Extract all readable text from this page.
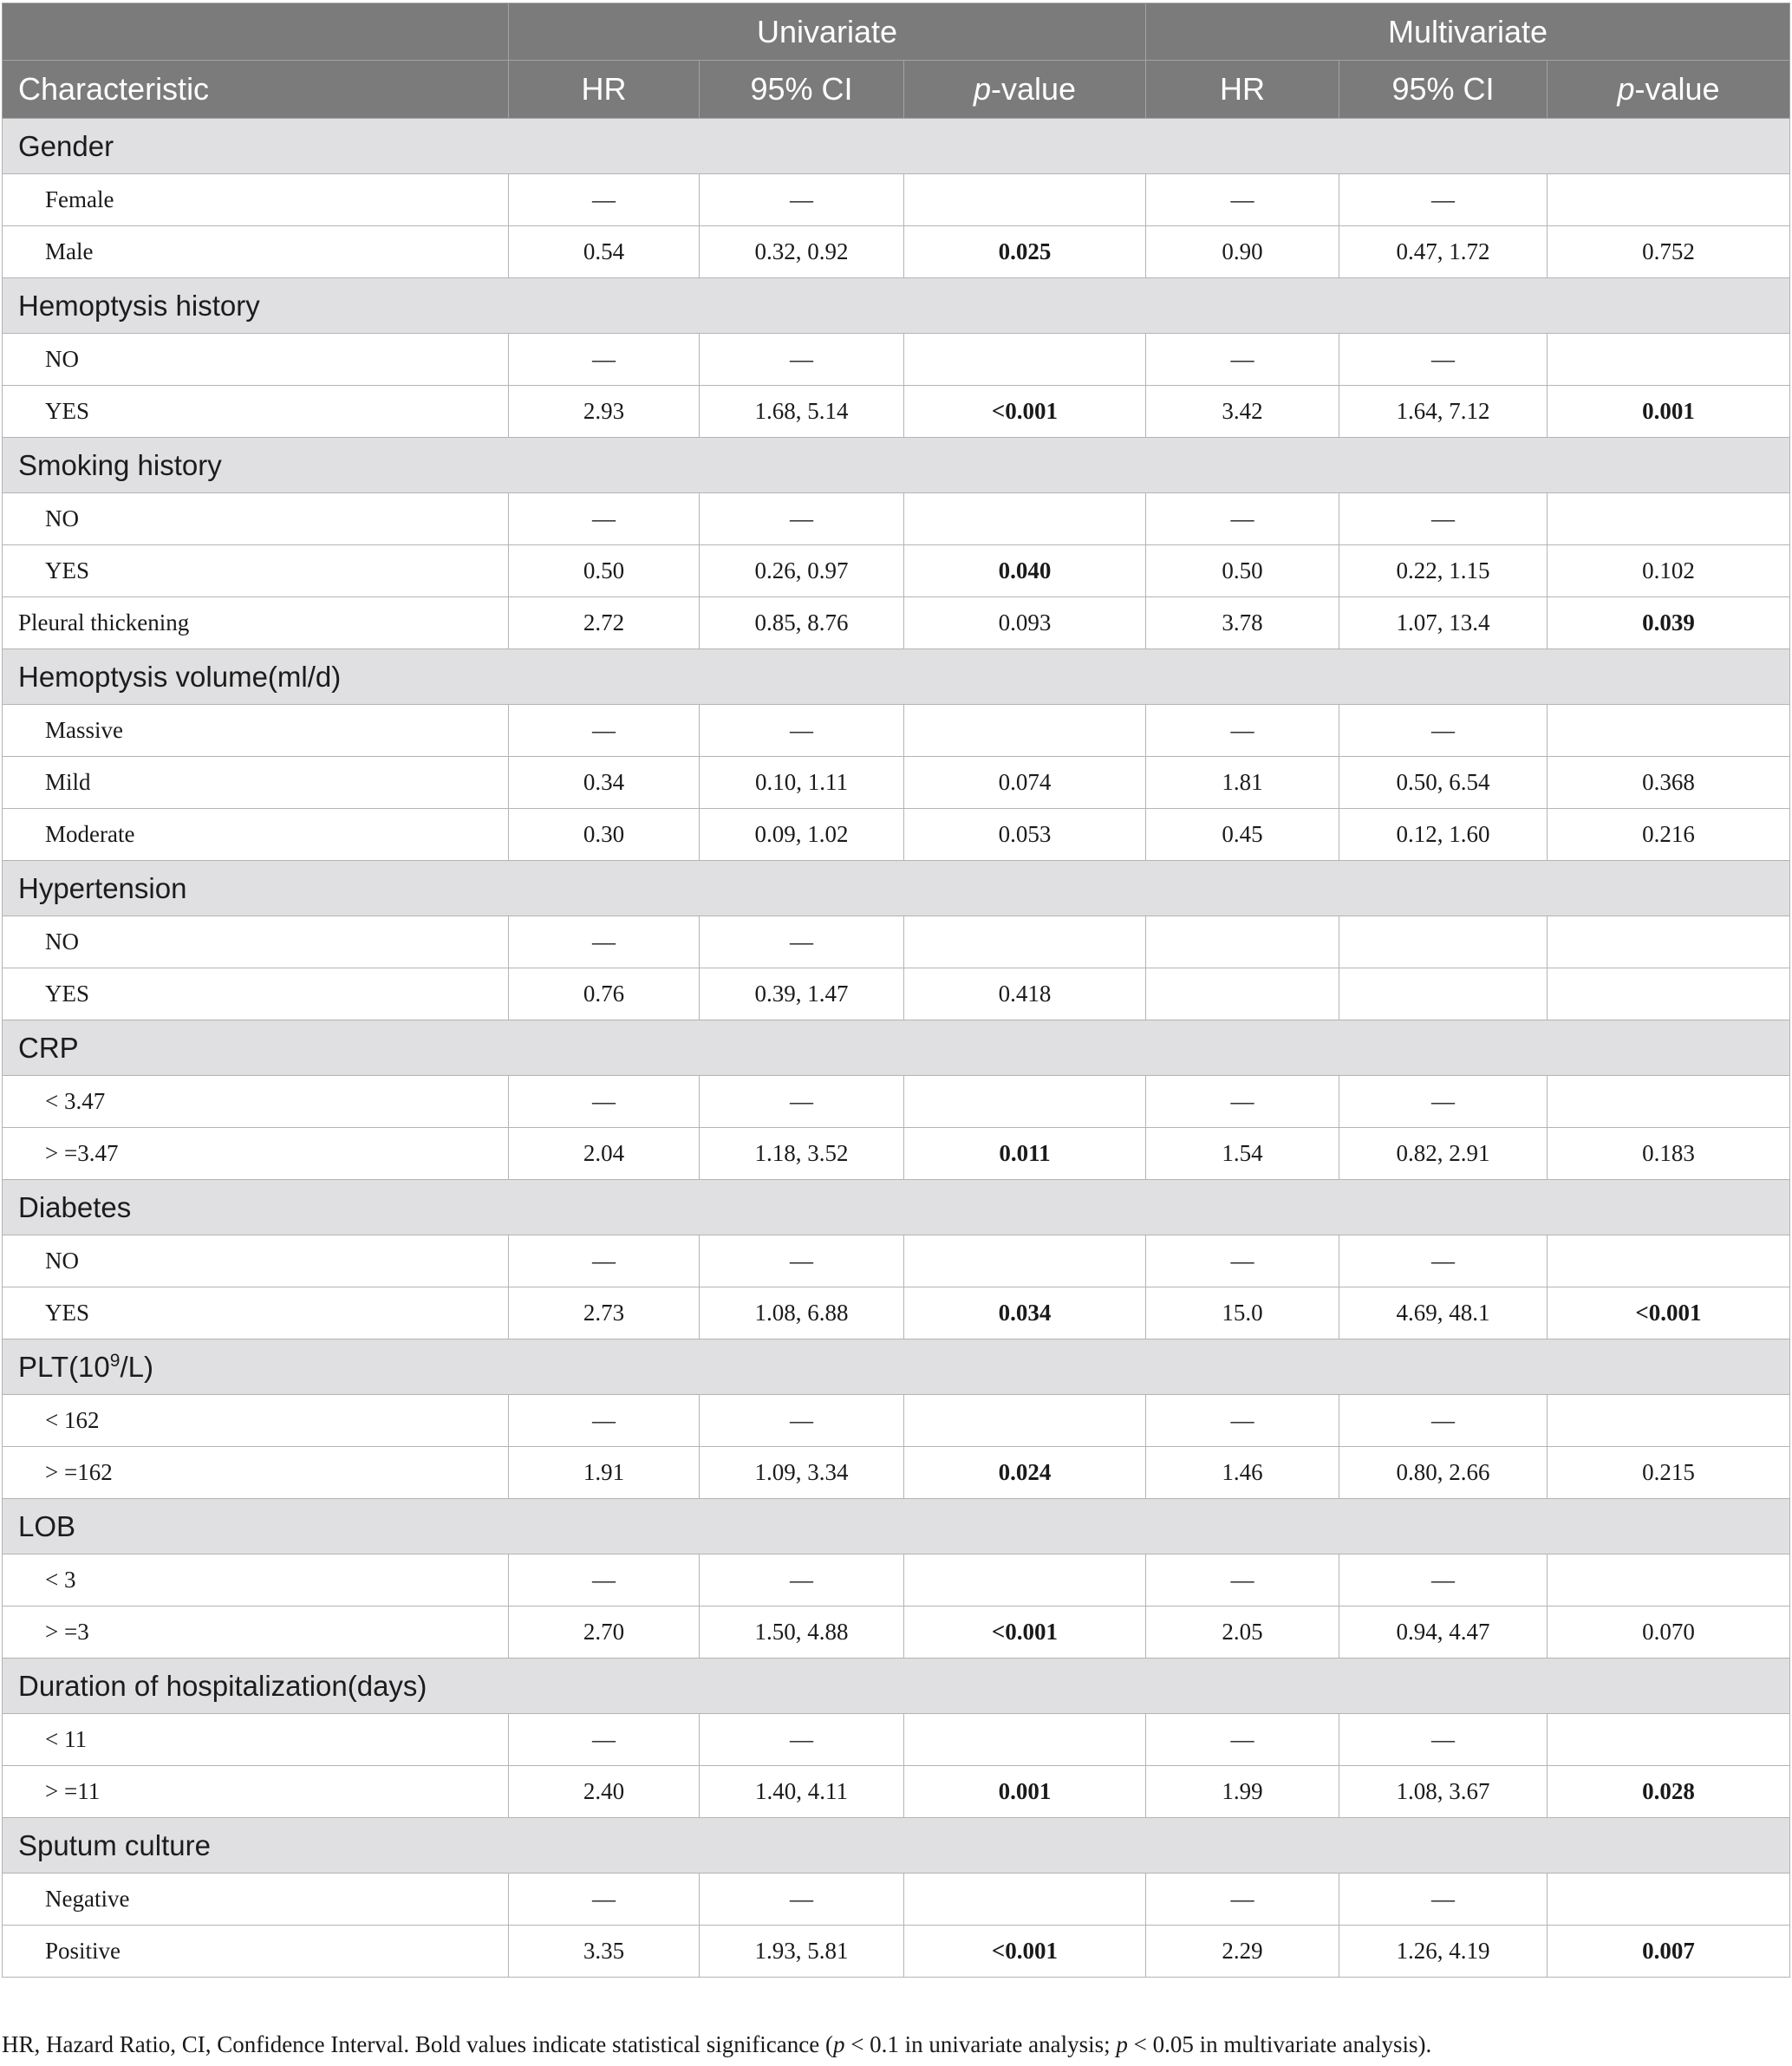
	Univariate			Multivariate		
Characteristic	HR	95% CI	p-value	HR	95% CI	p-value
Gender						
Female	—	—		—	—	
Male	0.54	0.32, 0.92	0.025	0.90	0.47, 1.72	0.752
Hemoptysis history						
NO	—	—		—	—	
YES	2.93	1.68, 5.14	<0.001	3.42	1.64, 7.12	0.001
Smoking history						
NO	—	—		—	—	
YES	0.50	0.26, 0.97	0.040	0.50	0.22, 1.15	0.102
Pleural thickening	2.72	0.85, 8.76	0.093	3.78	1.07, 13.4	0.039
Hemoptysis volume(ml/d)						
Massive	—	—		—	—	
Mild	0.34	0.10, 1.11	0.074	1.81	0.50, 6.54	0.368
Moderate	0.30	0.09, 1.02	0.053	0.45	0.12, 1.60	0.216
Hypertension						
NO	—	—				
YES	0.76	0.39, 1.47	0.418			
CRP						
< 3.47	—	—		—	—	
> =3.47	2.04	1.18, 3.52	0.011	1.54	0.82, 2.91	0.183
Diabetes						
NO	—	—		—	—	
YES	2.73	1.08, 6.88	0.034	15.0	4.69, 48.1	<0.001
$PLT(10^9/L)$						
< 162	—	—		—	—	
> =162	1.91	1.09, 3.34	0.024	1.46	0.80, 2.66	0.215
LOB						
< 3	—	—		—	—	
> =3	2.70	1.50, 4.88	<0.001	2.05	0.94, 4.47	0.070
Duration of hospitalization(days)						
< 11	—	—		—	—	
> =11	2.40	1.40, 4.11	0.001	1.99	1.08, 3.67	0.028
Sputum culture						
Negative	—	—		—	—	
Positive	3.35	1.93, 5.81	<0.001	2.29	1.26, 4.19	0.007
HR, Hazard Ratio, CI, Confidence Interval. Bold values indicate statistical significance (p < 0.1 in univariate analysis; p < 0.05 in multivariate analysis).
